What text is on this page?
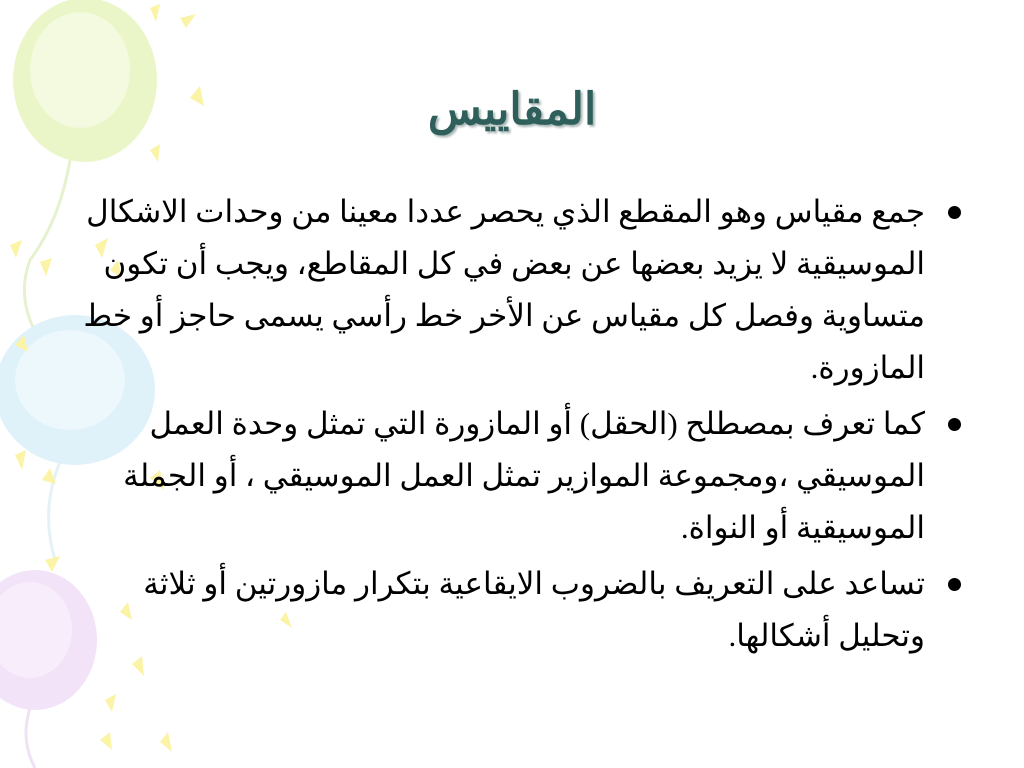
المقاييس
جمع مقياس وهو المقطع الذي يحصر عددا معينا من وحدات الاشكال الموسيقية لا يزيد بعضها عن بعض في كل المقاطع، ويجب أن تكون متساوية وفصل كل مقياس عن الأخر خط رأسي يسمى حاجز أو خط المازورة.
كما تعرف بمصطلح (الحقل) أو المازورة التي تمثل وحدة العمل الموسيقي ،ومجموعة الموازير تمثل العمل الموسيقي ، أو الجملة الموسيقية أو النواة.
تساعد على التعريف بالضروب الايقاعية بتكرار مازورتين أو ثلاثة وتحليل أشكالها.
